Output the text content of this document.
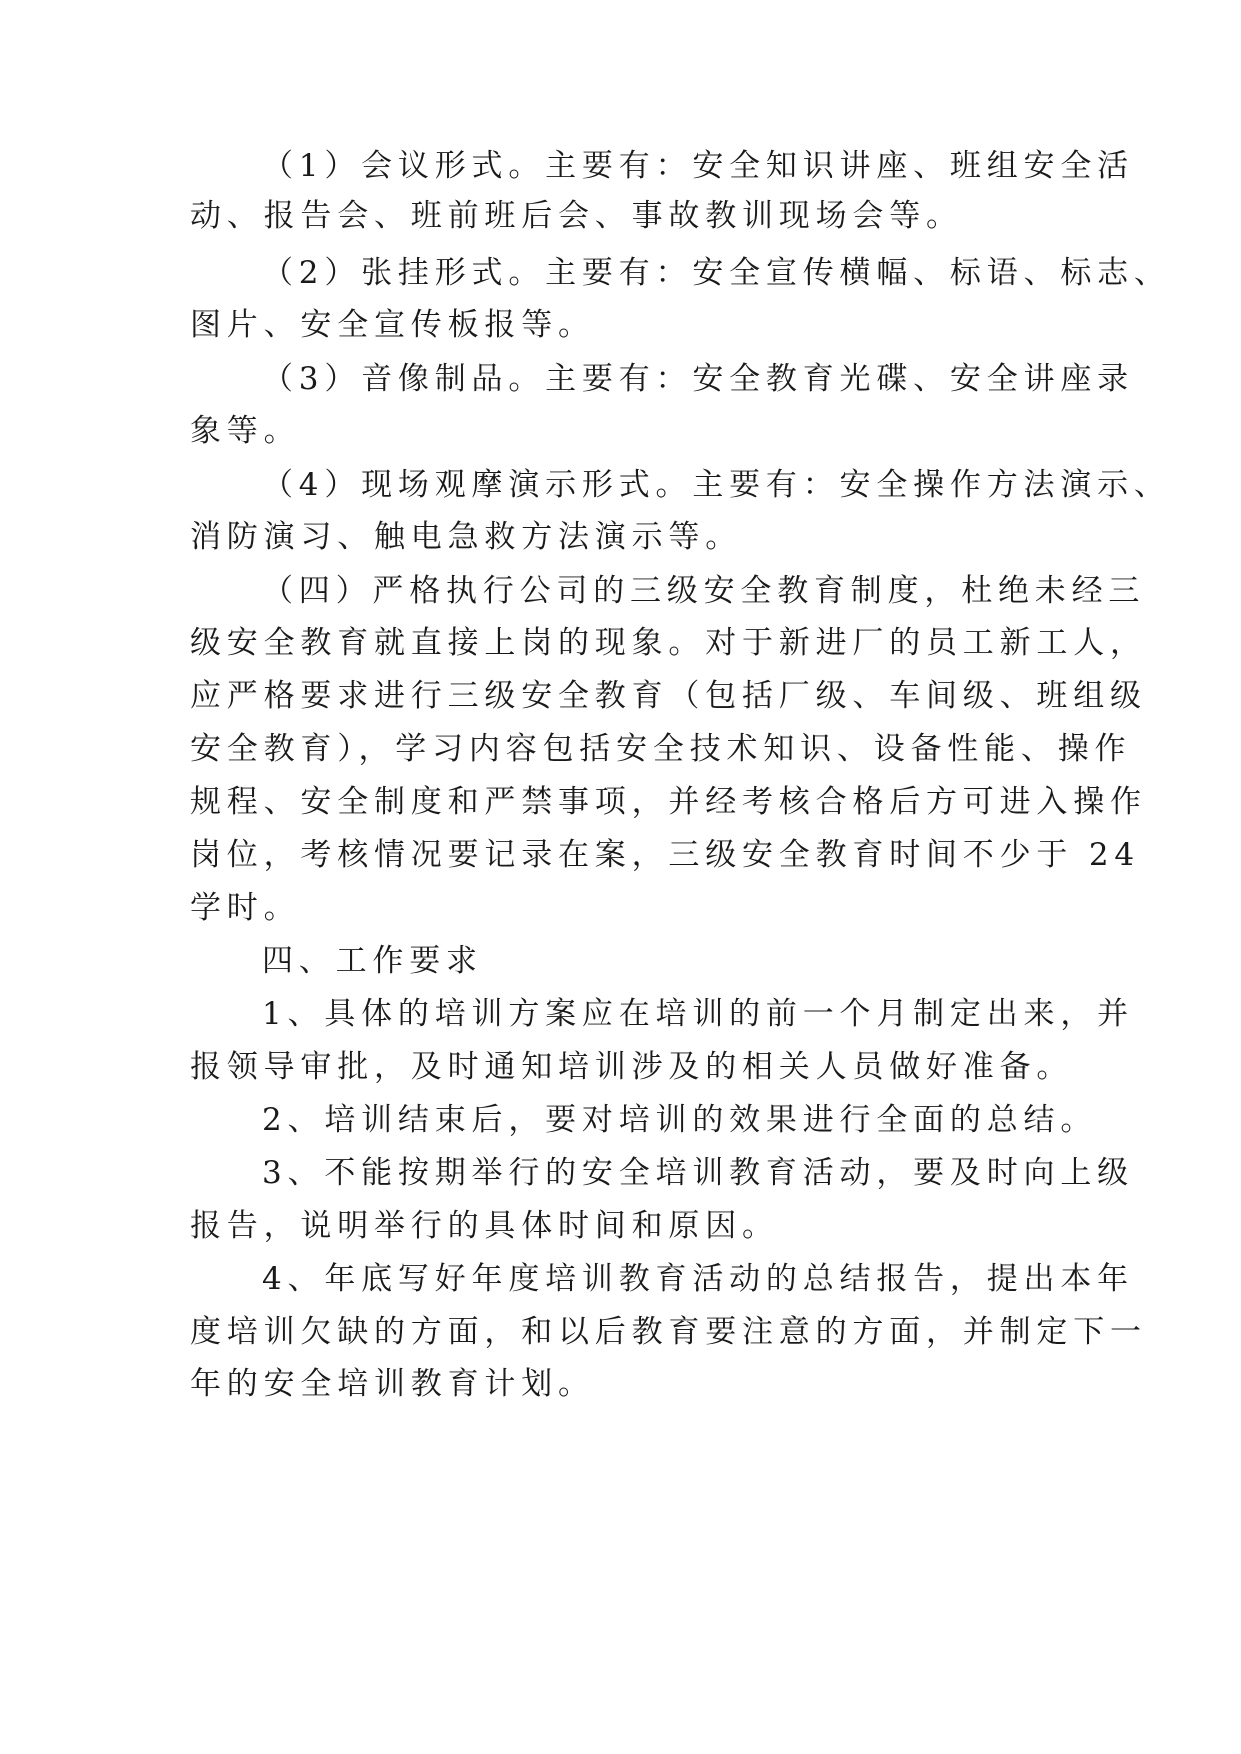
（1）会议形式。主要有：安全知识讲座、班组安全活
动、报告会、班前班后会、事故教训现场会等。
（2）张挂形式。主要有：安全宣传横幅、标语、标志、
图片、安全宣传板报等。
（3）音像制品。主要有：安全教育光碟、安全讲座录
象等。
（4）现场观摩演示形式。主要有：安全操作方法演示、
消防演习、触电急救方法演示等。
（四）严格执行公司的三级安全教育制度，杜绝未经三
级安全教育就直接上岗的现象。对于新进厂的员工新工人，
应严格要求进行三级安全教育（包括厂级、车间级、班组级
安全教育），学习内容包括安全技术知识、设备性能、操作
规程、安全制度和严禁事项，并经考核合格后方可进入操作
岗位，考核情况要记录在案，三级安全教育时间不少于 24
学时。
四、工作要求
1、具体的培训方案应在培训的前一个月制定出来，并
报领导审批，及时通知培训涉及的相关人员做好准备。
2、培训结束后，要对培训的效果进行全面的总结。
3、不能按期举行的安全培训教育活动，要及时向上级
报告，说明举行的具体时间和原因。
4、年底写好年度培训教育活动的总结报告，提出本年
度培训欠缺的方面，和以后教育要注意的方面，并制定下一
年的安全培训教育计划。
